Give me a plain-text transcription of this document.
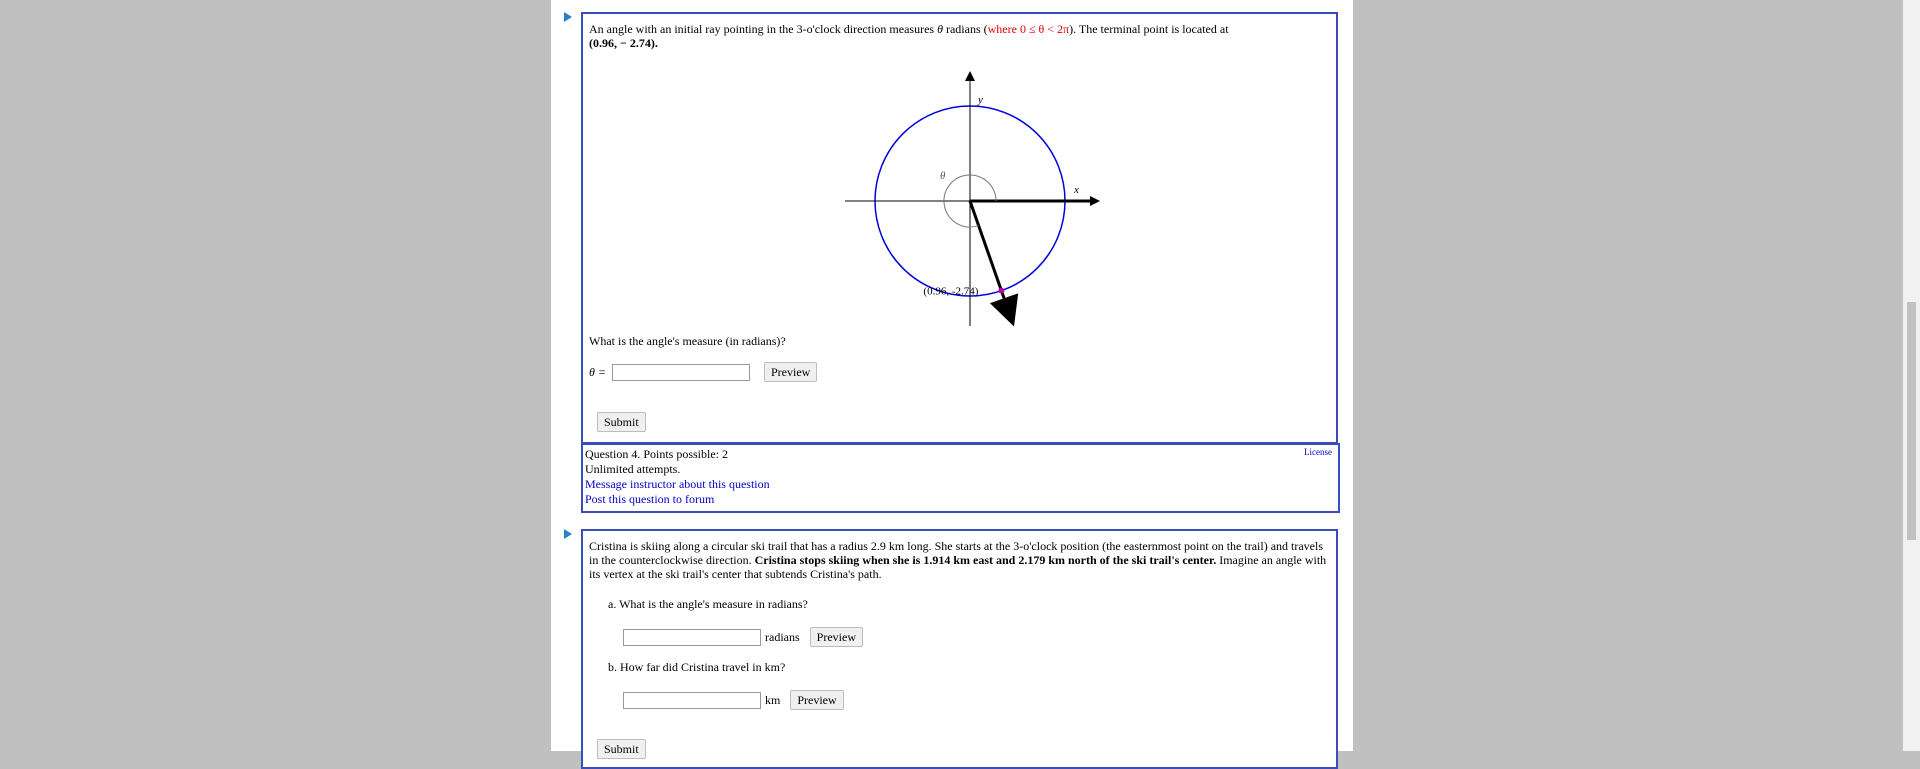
An angle with an initial ray pointing in the 3-o'clock direction measures θ radians (where 0 ≤ θ < 2π). The terminal point is located at
(0.96, − 2.74).
y
x
θ
(0.96, -2.74)
What is the angle's measure (in radians)?
θ =	Preview
Submit
License
Question 4. Points possible: 2
Unlimited attempts.
Message instructor about this question
Post this question to forum
Cristina is skiing along a circular ski trail that has a radius 2.9 km long. She starts at the 3-o'clock position (the easternmost point on the trail) and travels in the counterclockwise direction. Cristina stops skiing when she is 1.914 km east and 2.179 km north of the ski trail's center. Imagine an angle with its vertex at the ski trail's center that subtends Cristina's path.
a. What is the angle's measure in radians?
radians	Preview
b. How far did Cristina travel in km?
km	Preview
Submit
